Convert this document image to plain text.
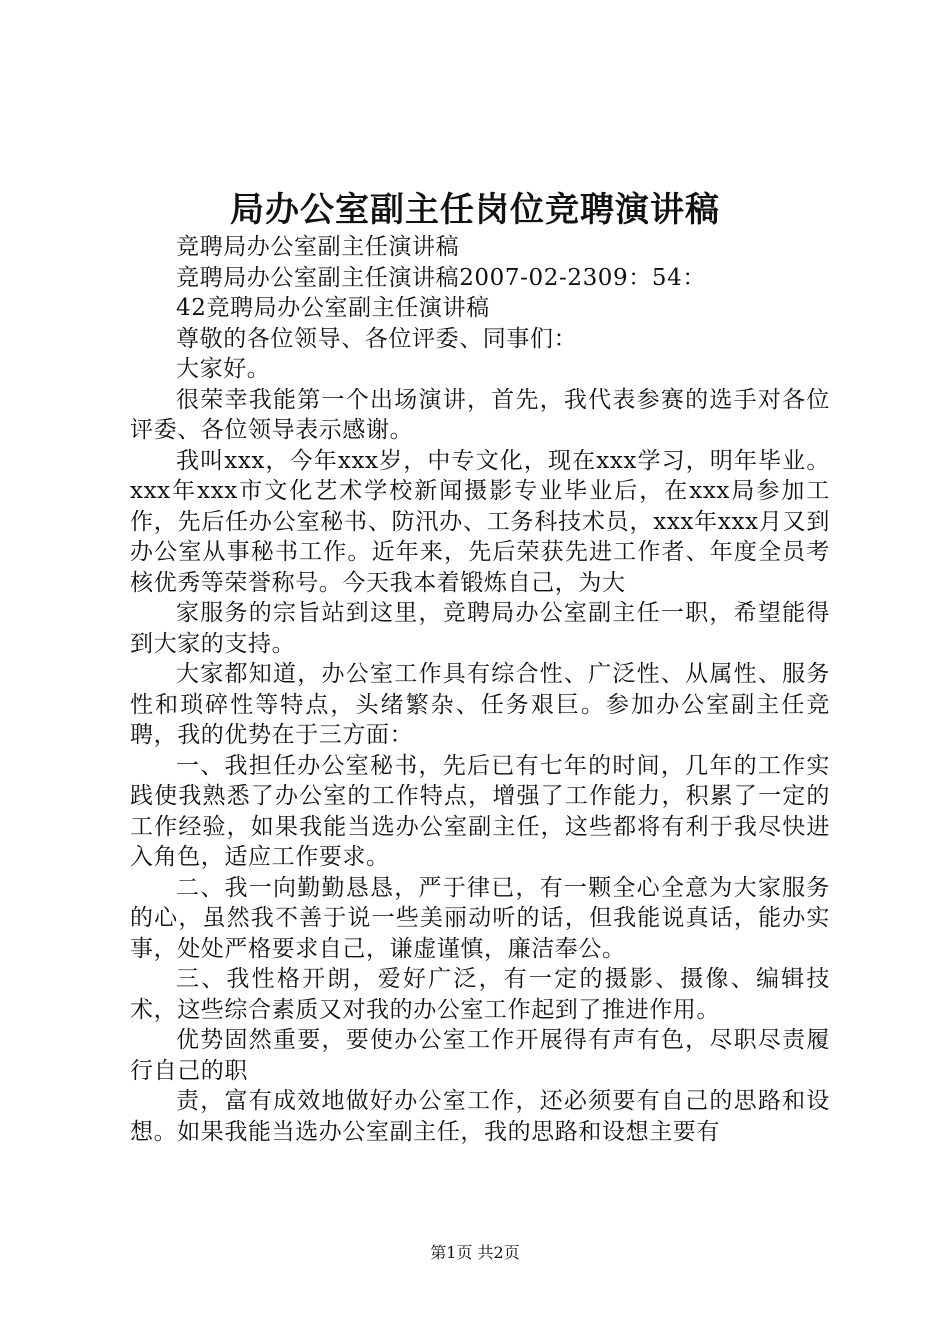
局办公室副主任岗位竞聘演讲稿

竞聘局办公室副主任演讲稿

竞聘局办公室副主任演讲稿2007-02-2309：54：

42竞聘局办公室副主任演讲稿

尊敬的各位领导、各位评委、同事们：

大家好。

很荣幸我能第一个出场演讲，首先，我代表参赛的选手对各位评委、各位领导表示感谢。

我叫xxx，今年xxx岁，中专文化，现在xxx学习，明年毕业。xxx年xxx市文化艺术学校新闻摄影专业毕业后，在xxx局参加工作，先后任办公室秘书、防汛办、工务科技术员，xxx年xxx月又到办公室从事秘书工作。近年来，先后荣获先进工作者、年度全员考核优秀等荣誉称号。今天我本着锻炼自己，为大

家服务的宗旨站到这里，竞聘局办公室副主任一职，希望能得到大家的支持。

大家都知道，办公室工作具有综合性、广泛性、从属性、服务性和琐碎性等特点，头绪繁杂、任务艰巨。参加办公室副主任竞聘，我的优势在于三方面：

一、我担任办公室秘书，先后已有七年的时间，几年的工作实践使我熟悉了办公室的工作特点，增强了工作能力，积累了一定的工作经验，如果我能当选办公室副主任，这些都将有利于我尽快进入角色，适应工作要求。

二、我一向勤勤恳恳，严于律已，有一颗全心全意为大家服务的心，虽然我不善于说一些美丽动听的话，但我能说真话，能办实事，处处严格要求自己，谦虚谨慎，廉洁奉公。

三、我性格开朗，爱好广泛，有一定的摄影、摄像、编辑技术，这些综合素质又对我的办公室工作起到了推进作用。

优势固然重要，要使办公室工作开展得有声有色，尽职尽责履行自己的职

责，富有成效地做好办公室工作，还必须要有自己的思路和设想。如果我能当选办公室副主任，我的思路和设想主要有

第1页 共2页
